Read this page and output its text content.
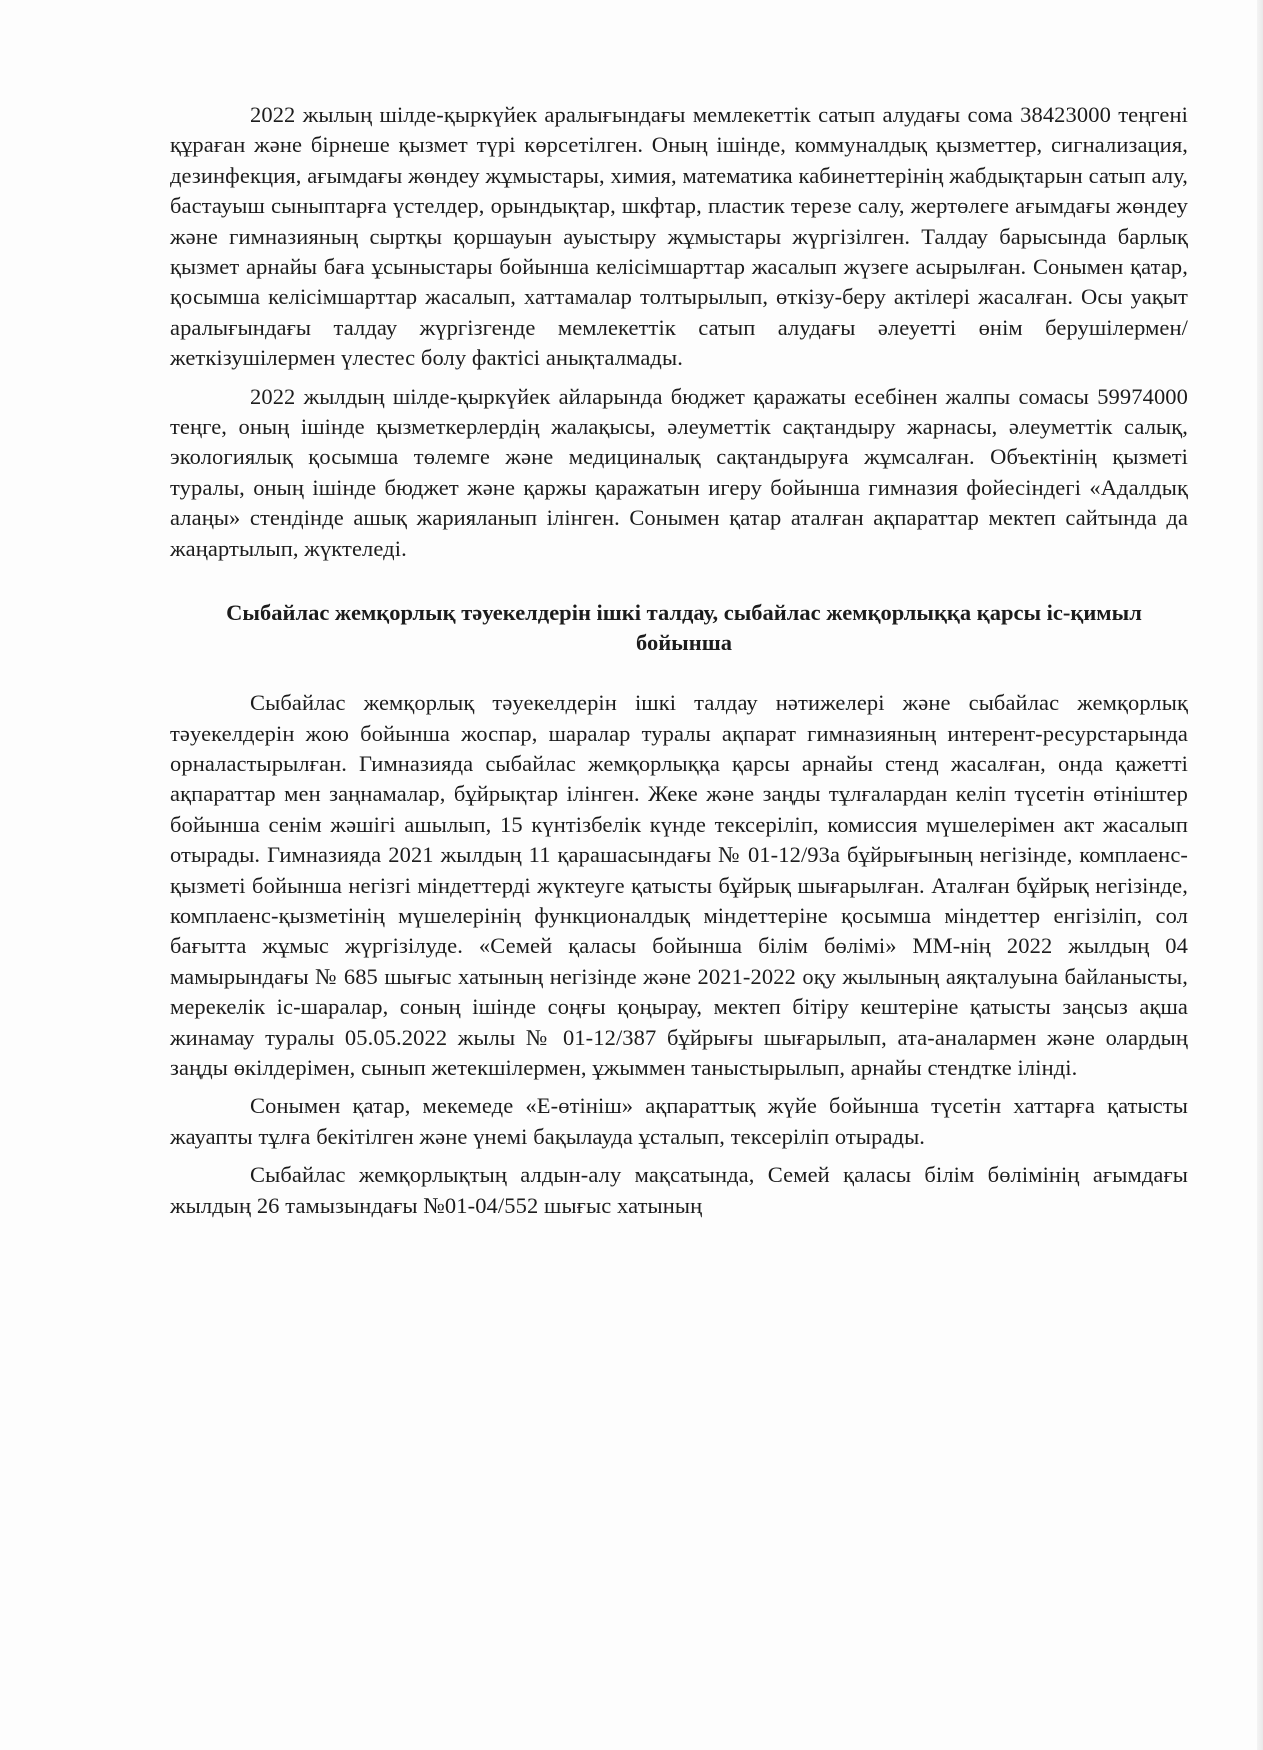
2022 жылың шілде-қыркүйек аралығындағы мемлекеттік сатып алудағы сома 38423000 теңгені құраған және бірнеше қызмет түрі көрсетілген. Оның ішінде, коммуналдық қызметтер, сигнализация, дезинфекция, ағымдағы жөндеу жұмыстары, химия, математика кабинеттерінің жабдықтарын сатып алу, бастауыш сыныптарға үстелдер, орындықтар, шкфтар, пластик терезе салу, жертөлеге ағымдағы жөндеу және гимназияның сыртқы қоршауын ауыстыру жұмыстары жүргізілген. Талдау барысында барлық қызмет арнайы баға ұсыныстары бойынша келісімшарттар жасалып жүзеге асырылған. Сонымен қатар, қосымша келісімшарттар жасалып, хаттамалар толтырылып, өткізу-беру актілері жасалған. Осы уақыт аралығындағы талдау жүргізгенде мемлекеттік сатып алудағы әлеуетті өнім берушілермен/жеткізушілермен үлестес болу фактісі анықталмады.

2022 жылдың шілде-қыркүйек айларында бюджет қаражаты есебінен жалпы сомасы 59974000 теңге, оның ішінде қызметкерлердің жалақысы, әлеуметтік сақтандыру жарнасы, әлеуметтік салық, экологиялық қосымша төлемге және медициналық сақтандыруға жұмсалған. Объектінің қызметі туралы, оның ішінде бюджет және қаржы қаражатын игеру бойынша гимназия фойесіндегі «Адалдық алаңы» стендінде ашық жарияланып ілінген. Сонымен қатар аталған ақпараттар мектеп сайтында да жаңартылып, жүктеледі.

Сыбайлас жемқорлық тәуекелдерін ішкі талдау, сыбайлас жемқорлыққа қарсы іс-қимыл бойынша

Сыбайлас жемқорлық тәуекелдерін ішкі талдау нәтижелері және сыбайлас жемқорлық тәуекелдерін жою бойынша жоспар, шаралар туралы ақпарат гимназияның интерент-ресурстарында орналастырылған. Гимназияда сыбайлас жемқорлыққа қарсы арнайы стенд жасалған, онда қажетті ақпараттар мен заңнамалар, бұйрықтар ілінген. Жеке және заңды тұлғалардан келіп түсетін өтініштер бойынша сенім жәшігі ашылып, 15 күнтізбелік күнде тексеріліп, комиссия мүшелерімен акт жасалып отырады. Гимназияда 2021 жылдың 11 қарашасындағы № 01-12/93а бұйрығының негізінде, комплаенс-қызметі бойынша негізгі міндеттерді жүктеуге қатысты бұйрық шығарылған. Аталған бұйрық негізінде, комплаенс-қызметінің мүшелерінің функционалдық міндеттеріне қосымша міндеттер енгізіліп, сол бағытта жұмыс жүргізілуде. «Семей қаласы бойынша білім бөлімі» ММ-нің 2022 жылдың 04 мамырындағы № 685 шығыс хатының негізінде және 2021-2022 оқу жылының аяқталуына байланысты, мерекелік іс-шаралар, соның ішінде соңғы қоңырау, мектеп бітіру кештеріне қатысты заңсыз ақша жинамау туралы 05.05.2022 жылы № 01-12/387 бұйрығы шығарылып, ата-аналармен және олардың заңды өкілдерімен, сынып жетекшілермен, ұжыммен таныстырылып, арнайы стендтке ілінді.

Сонымен қатар, мекемеде «Е-өтініш» ақпараттық жүйе бойынша түсетін хаттарға қатысты жауапты тұлға бекітілген және үнемі бақылауда ұсталып, тексеріліп отырады.

Сыбайлас жемқорлықтың алдын-алу мақсатында, Семей қаласы білім бөлімінің ағымдағы жылдың 26 тамызындағы №01-04/552 шығыс хатының
